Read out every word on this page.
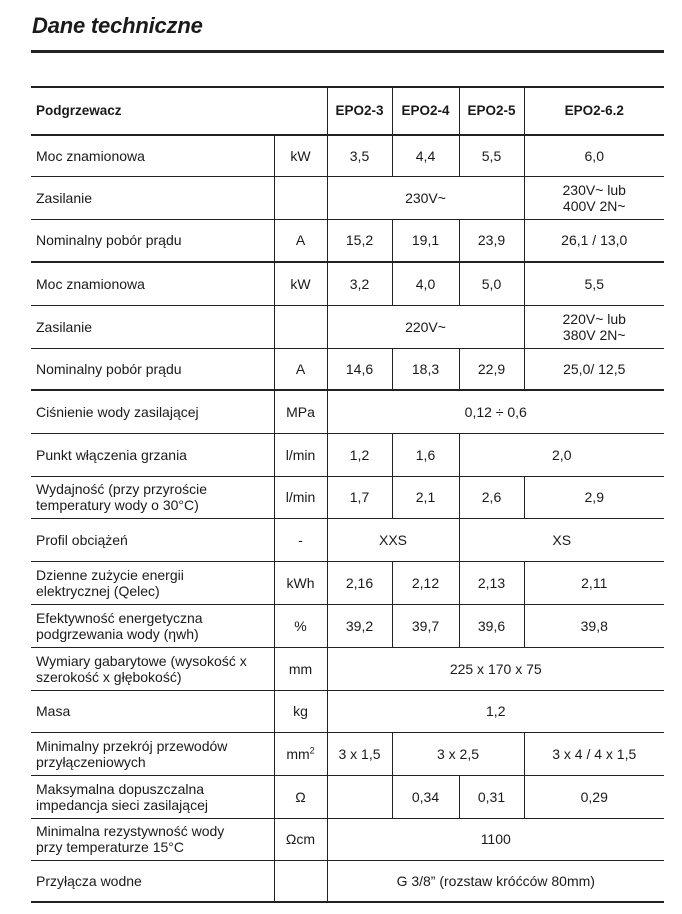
Dane techniczne
Podgrzewacz		EPO2-3	EPO2-4	EPO2-5	EPO2-6.2
Moc znamionowa	kW	3,5	4,4	5,5	6,0
Zasilanie		230V~			230V~ lub
400V 2N~
Nominalny pobór prądu	A	15,2	19,1	23,9	26,1 / 13,0
Moc znamionowa	kW	3,2	4,0	5,0	5,5
Zasilanie		220V~			220V~ lub
380V 2N~
Nominalny pobór prądu	A	14,6	18,3	22,9	25,0/ 12,5
Ciśnienie wody zasilającej	MPa	0,12 ÷ 0,6			
Punkt włączenia grzania	l/min	1,2	1,6	2,0	
Wydajność (przy przyroście
temperatury wody o 30°C)	l/min	1,7	2,1	2,6	2,9
Profil obciążeń	-	XXS		XS	
Dzienne zużycie energii
elektrycznej (Qelec)	kWh	2,16	2,12	2,13	2,11
Efektywność energetyczna
podgrzewania wody (ηwh)	%	39,2	39,7	39,6	39,8
Wymiary gabarytowe (wysokość x
szerokość x głębokość)	mm	225 x 170 x 75			
Masa	kg	1,2			
Minimalny przekrój przewodów
przyłączeniowych	$mm^2$	3 x 1,5	3 x 2,5		3 x 4 / 4 x 1,5
Maksymalna dopuszczalna
impedancja sieci zasilającej	Ω		0,34	0,31	0,29
Minimalna rezystywność wody
przy temperaturze 15°C	Ωcm	1100			
Przyłącza wodne		G 3/8” (rozstaw króćców 80mm)			
